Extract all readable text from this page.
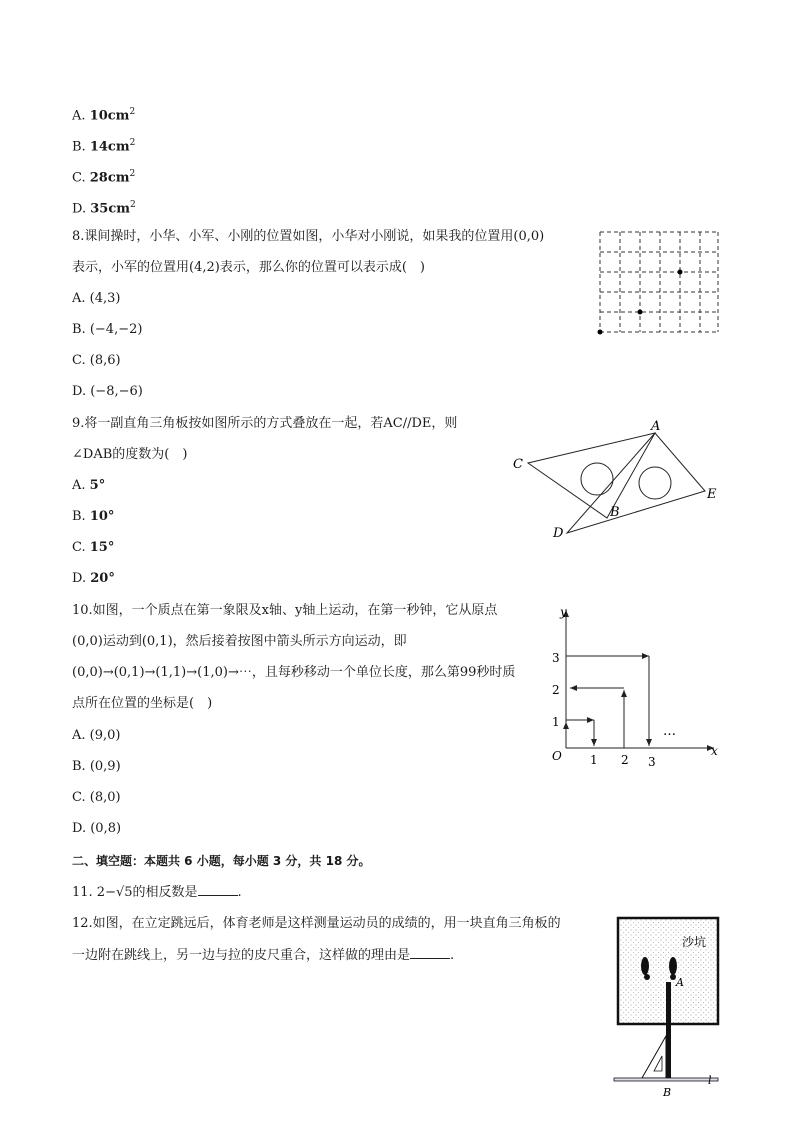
A. $10cm^2$
B. $14cm^2$
C. $28cm^2$
D. $35cm^2$
8.课间操时，小华、小军、小刚的位置如图，小华对小刚说，如果我的位置用(0,0)
表示，小军的位置用(4,2)表示，那么你的位置可以表示成(　)
A. (4,3)
B. (−4,−2)
C. (8,6)
D. (−8,−6)
9.将一副直角三角板按如图所示的方式叠放在一起，若AC//DE，则
∠DAB的度数为(　)
A. 5°
B. 10°
C. 15°
D. 20°
A
B
C
D
E
10.如图，一个质点在第一象限及x轴、y轴上运动，在第一秒钟，它从原点
(0,0)运动到(0,1)，然后接着按图中箭头所示方向运动，即
(0,0)→(0,1)→(1,1)→(1,0)→⋯，且每秒移动一个单位长度，那么第99秒时质
点所在位置的坐标是(　)
A. (9,0)
B. (0,9)
C. (8,0)
D. (0,8)
y
x
O
1
2
3
1 2 3
…
二、填空题：本题共 6 小题，每小题 3 分，共 18 分。
11. 2−√5的相反数是	.
12.如图，在立定跳远后，体育老师是这样测量运动员的成绩的，用一块直角三角板的
一边附在跳线上，另一边与拉的皮尺重合，这样做的理由是	.
沙坑
A
B
l
